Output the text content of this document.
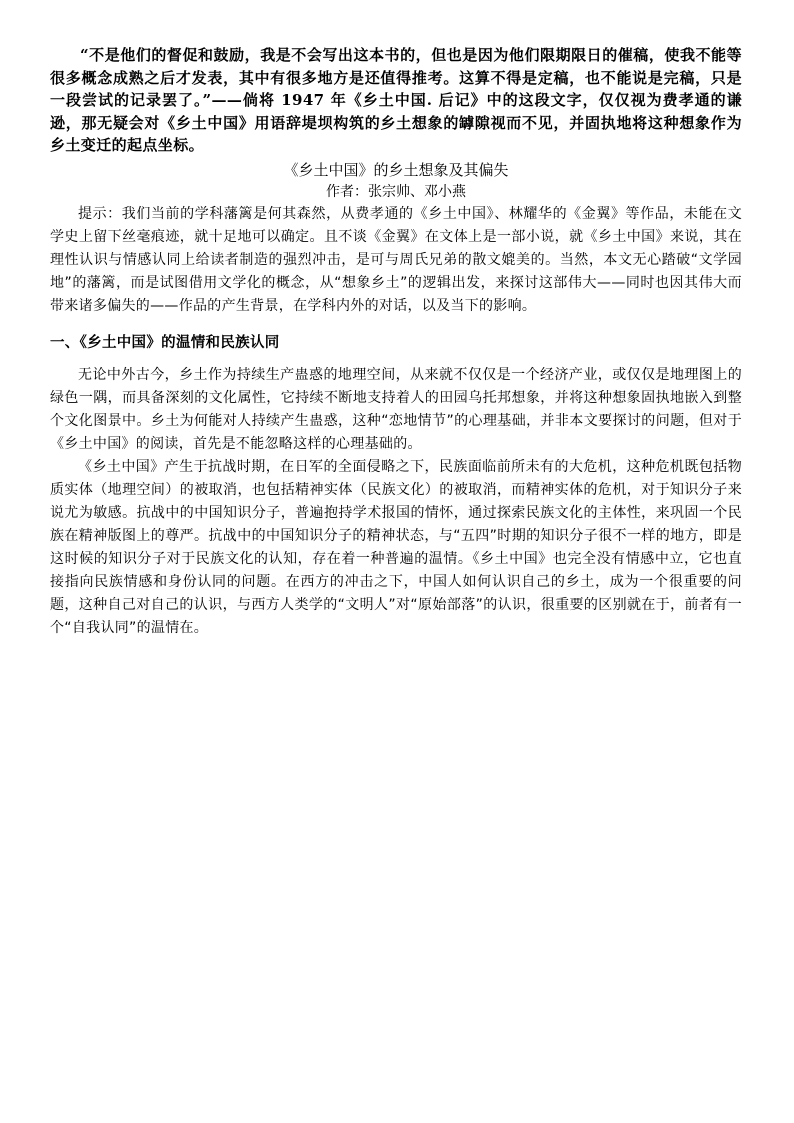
“不是他们的督促和鼓励，我是不会写出这本书的，但也是因为他们限期限日的催稿，使我不能等很多概念成熟之后才发表，其中有很多地方是还值得推考。这算不得是定稿，也不能说是完稿，只是一段尝试的记录罢了。”——倘将 1947 年《乡土中国. 后记》中的这段文字，仅仅视为费孝通的谦逊，那无疑会对《乡土中国》用语辞堤坝构筑的乡土想象的罅隙视而不见，并固执地将这种想象作为乡土变迁的起点坐标。

《乡土中国》的乡土想象及其偏失

作者：张宗帅、邓小燕

提示：我们当前的学科藩篱是何其森然，从费孝通的《乡土中国》、林耀华的《金翼》等作品，未能在文学史上留下丝毫痕迹，就十足地可以确定。且不谈《金翼》在文体上是一部小说，就《乡土中国》来说，其在理性认识与情感认同上给读者制造的强烈冲击，是可与周氏兄弟的散文媲美的。当然，本文无心踏破“文学园地”的藩篱，而是试图借用文学化的概念，从“想象乡土”的逻辑出发，来探讨这部伟大——同时也因其伟大而带来诸多偏失的——作品的产生背景，在学科内外的对话，以及当下的影响。

一、《乡土中国》的温情和民族认同

无论中外古今，乡土作为持续生产蛊惑的地理空间，从来就不仅仅是一个经济产业，或仅仅是地理图上的绿色一隅，而具备深刻的文化属性，它持续不断地支持着人的田园乌托邦想象，并将这种想象固执地嵌入到整个文化图景中。乡土为何能对人持续产生蛊惑，这种“恋地情节”的心理基础，并非本文要探讨的问题，但对于《乡土中国》的阅读，首先是不能忽略这样的心理基础的。

《乡土中国》产生于抗战时期，在日军的全面侵略之下，民族面临前所未有的大危机，这种危机既包括物质实体（地理空间）的被取消，也包括精神实体（民族文化）的被取消，而精神实体的危机，对于知识分子来说尤为敏感。抗战中的中国知识分子，普遍抱持学术报国的情怀，通过探索民族文化的主体性，来巩固一个民族在精神版图上的尊严。抗战中的中国知识分子的精神状态，与“五四”时期的知识分子很不一样的地方，即是这时候的知识分子对于民族文化的认知，存在着一种普遍的温情。《乡土中国》也完全没有情感中立，它也直接指向民族情感和身份认同的问题。在西方的冲击之下，中国人如何认识自己的乡土，成为一个很重要的问题，这种自己对自己的认识，与西方人类学的“文明人”对“原始部落”的认识，很重要的区别就在于，前者有一个“自我认同”的温情在。
